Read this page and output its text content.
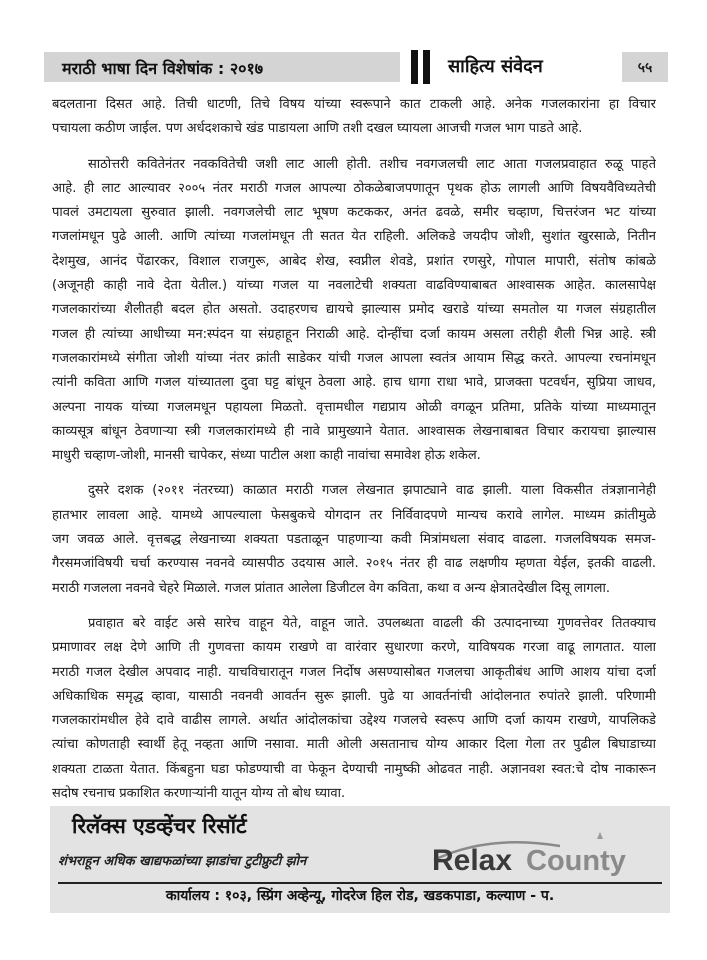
मराठी भाषा दिन विशेषांक : २०१७	साहित्य संवेदन	५५
बदलताना दिसत आहे. तिची धाटणी, तिचे विषय यांच्या स्वरूपाने कात टाकली आहे. अनेक गजलकारांना हा विचार
पचायला कठीण जाईल. पण अर्धदशकाचे खंड पाडायला आणि तशी दखल घ्यायला आजची गजल भाग पाडते आहे.
साठोत्तरी कवितेनंतर नवकवितेची जशी लाट आली होती. तशीच नवगजलची लाट आता गजलप्रवाहात रुळू पाहते
आहे. ही लाट आल्यावर २००५ नंतर मराठी गजल आपल्या ठोकळेबाजपणातून पृथक होऊ लागली आणि विषयवैविध्यतेची
पावलं उमटायला सुरुवात झाली. नवगजलेची लाट भूषण कटककर, अनंत ढवळे, समीर चव्हाण, चित्तरंजन भट यांच्या
गजलांमधून पुढे आली. आणि त्यांच्या गजलांमधून ती सतत येत राहिली. अलिकडे जयदीप जोशी, सुशांत खुरसाळे, नितीन
देशमुख, आनंद पेंढारकर, विशाल राजगुरू, आबेद शेख, स्वप्नील शेवडे, प्रशांत रणसुरे, गोपाल मापारी, संतोष कांबळे
(अजूनही काही नावे देता येतील.) यांच्या गजल या नवलाटेची शक्यता वाढविण्याबाबत आश्वासक आहेत. कालसापेक्ष
गजलकारांच्या शैलीतही बदल होत असतो. उदाहरणच द्यायचे झाल्यास प्रमोद खराडे यांच्या समतोल या गजल संग्रहातील
गजल ही त्यांच्या आधीच्या मन:स्पंदन या संग्रहाहून निराळी आहे. दोन्हींचा दर्जा कायम असला तरीही शैली भिन्न आहे. स्त्री
गजलकारांमध्ये संगीता जोशी यांच्या नंतर क्रांती साडेकर यांची गजल आपला स्वतंत्र आयाम सिद्ध करते. आपल्या रचनांमधून
त्यांनी कविता आणि गजल यांच्यातला दुवा घट्ट बांधून ठेवला आहे. हाच धागा राधा भावे, प्राजक्ता पटवर्धन, सुप्रिया जाधव,
अल्पना नायक यांच्या गजलमधून पहायला मिळतो. वृत्तामधील गद्यप्राय ओळी वगळून प्रतिमा, प्रतिके यांच्या माध्यमातून
काव्यसूत्र बांधून ठेवणाऱ्या स्त्री गजलकारांमध्ये ही नावे प्रामुख्याने येतात. आश्वासक लेखनाबाबत विचार करायचा झाल्यास
माधुरी चव्हाण-जोशी, मानसी चापेकर, संध्या पाटील अशा काही नावांचा समावेश होऊ शकेल.
दुसरे दशक (२०११ नंतरच्या) काळात मराठी गजल लेखनात झपाट्याने वाढ झाली. याला विकसीत तंत्रज्ञानानेही
हातभार लावला आहे. यामध्ये आपल्याला फेसबुकचे योगदान तर निर्विवादपणे मान्यच करावे लागेल. माध्यम क्रांतीमुळे
जग जवळ आले. वृत्तबद्ध लेखनाच्या शक्यता पडताळून पाहणाऱ्या कवी मित्रांमधला संवाद वाढला. गजलविषयक समज-
गैरसमजांविषयी चर्चा करण्यास नवनवे व्यासपीठ उदयास आले. २०१५ नंतर ही वाढ लक्षणीय म्हणता येईल, इतकी वाढली.
मराठी गजलला नवनवे चेहरे मिळाले. गजल प्रांतात आलेला डिजीटल वेग कविता, कथा व अन्य क्षेत्रातदेखील दिसू लागला.
प्रवाहात बरे वाईट असे सारेच वाहून येते, वाहून जाते. उपलब्धता वाढली की उत्पादनाच्या गुणवत्तेवर तितक्याच
प्रमाणावर लक्ष देणे आणि ती गुणवत्ता कायम राखणे वा वारंवार सुधारणा करणे, याविषयक गरजा वाढू लागतात. याला
मराठी गजल देखील अपवाद नाही. याचविचारातून गजल निर्दोष असण्यासोबत गजलचा आकृतीबंध आणि आशय यांचा दर्जा
अधिकाधिक समृद्ध व्हावा, यासाठी नवनवी आवर्तन सुरू झाली. पुढे या आवर्तनांची आंदोलनात रुपांतरे झाली. परिणामी
गजलकारांमधील हेवे दावे वाढीस लागले. अर्थात आंदोलकांचा उद्देश्य गजलचे स्वरूप आणि दर्जा कायम राखणे, यापलिकडे
त्यांचा कोणताही स्वार्थी हेतू नव्हता आणि नसावा. माती ओली असतानाच योग्य आकार दिला गेला तर पुढील बिघाडाच्या
शक्यता टाळता येतात. किंबहुना घडा फोडण्याची वा फेकून देण्याची नामुष्की ओढवत नाही. अज्ञानवश स्वत:चे दोष नाकारून
सदोष रचनाच प्रकाशित करणाऱ्यांनी यातून योग्य तो बोध घ्यावा.
रिलॅक्स एडव्हेंचर रिसॉर्ट
शंभराहून अधिक खाद्यफळांच्या झाडांचा टुटीफ्रुटी झोन	Relax County
कार्यालय : १०३, स्प्रिंग अव्हेन्यू, गोदरेज हिल रोड, खडकपाडा, कल्याण - प.
